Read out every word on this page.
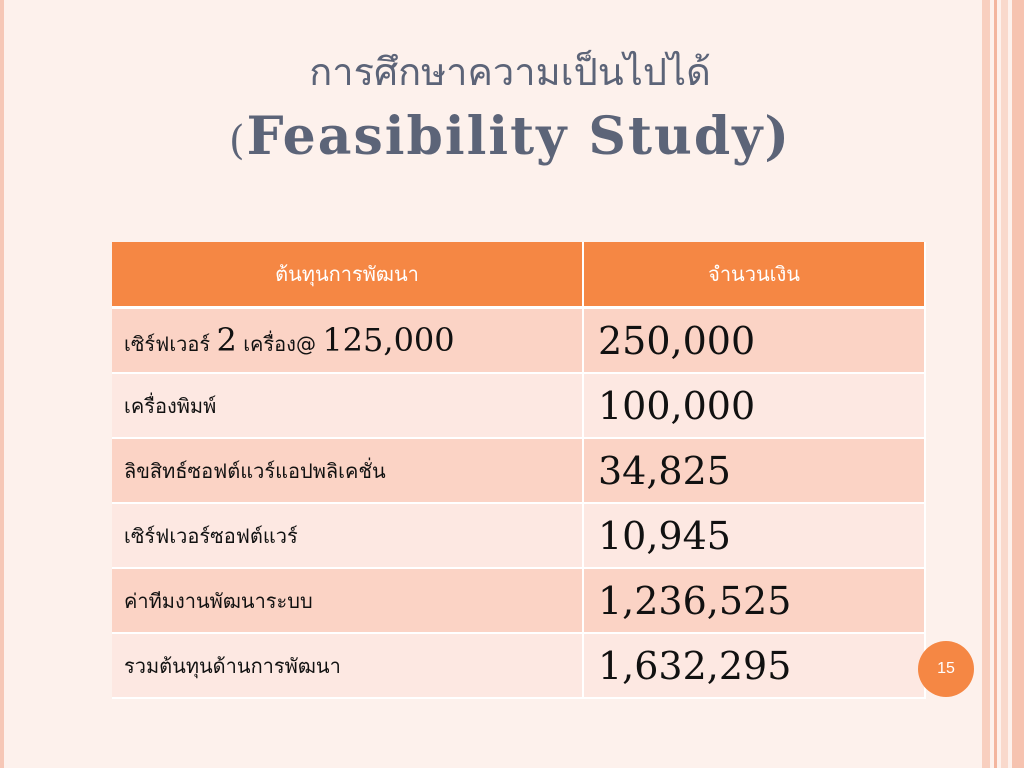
การศึกษาความเป็นไปได้
(Feasibility Study)
ต้นทุนการพัฒนา	จำนวนเงิน
เซิร์ฟเวอร์ 2 เครื่อง@ 125,000	250,000
เครื่องพิมพ์	100,000
ลิขสิทธ์ซอฟต์แวร์แอปพลิเคชั่น	34,825
เซิร์ฟเวอร์ซอฟต์แวร์	10,945
ค่าทีมงานพัฒนาระบบ	1,236,525
รวมต้นทุนด้านการพัฒนา	1,632,295	15
